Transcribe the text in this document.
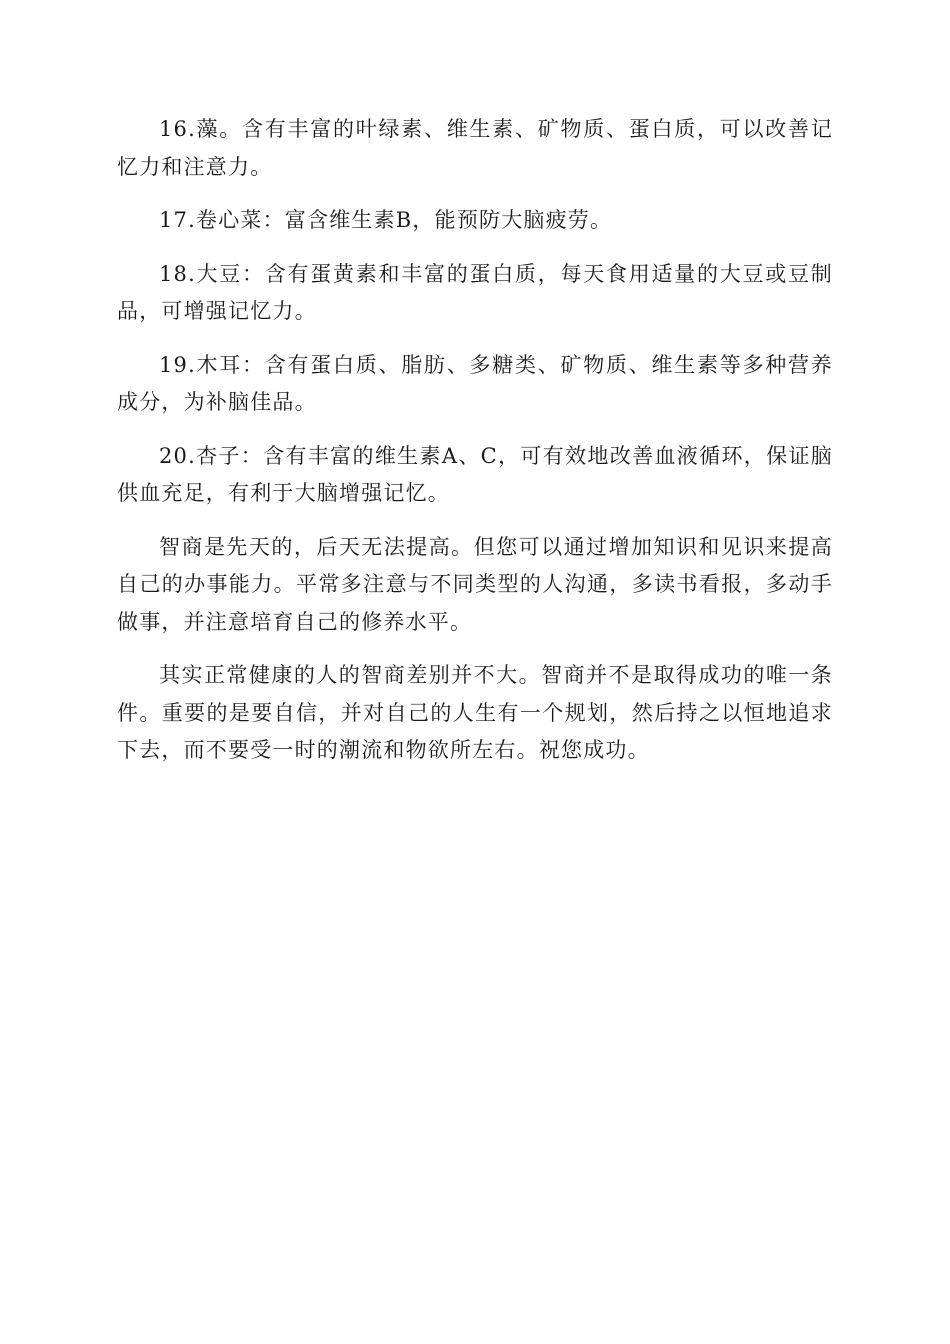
16.藻。含有丰富的叶绿素、维生素、矿物质、蛋白质，可以改善记忆力和注意力。

17.卷心菜：富含维生素B，能预防大脑疲劳。

18.大豆：含有蛋黄素和丰富的蛋白质，每天食用适量的大豆或豆制品，可增强记忆力。

19.木耳：含有蛋白质、脂肪、多糖类、矿物质、维生素等多种营养成分，为补脑佳品。

20.杏子：含有丰富的维生素A、C，可有效地改善血液循环，保证脑供血充足，有利于大脑增强记忆。

智商是先天的，后天无法提高。但您可以通过增加知识和见识来提高自己的办事能力。平常多注意与不同类型的人沟通，多读书看报，多动手做事，并注意培育自己的修养水平。

其实正常健康的人的智商差别并不大。智商并不是取得成功的唯一条件。重要的是要自信，并对自己的人生有一个规划，然后持之以恒地追求下去，而不要受一时的潮流和物欲所左右。祝您成功。
